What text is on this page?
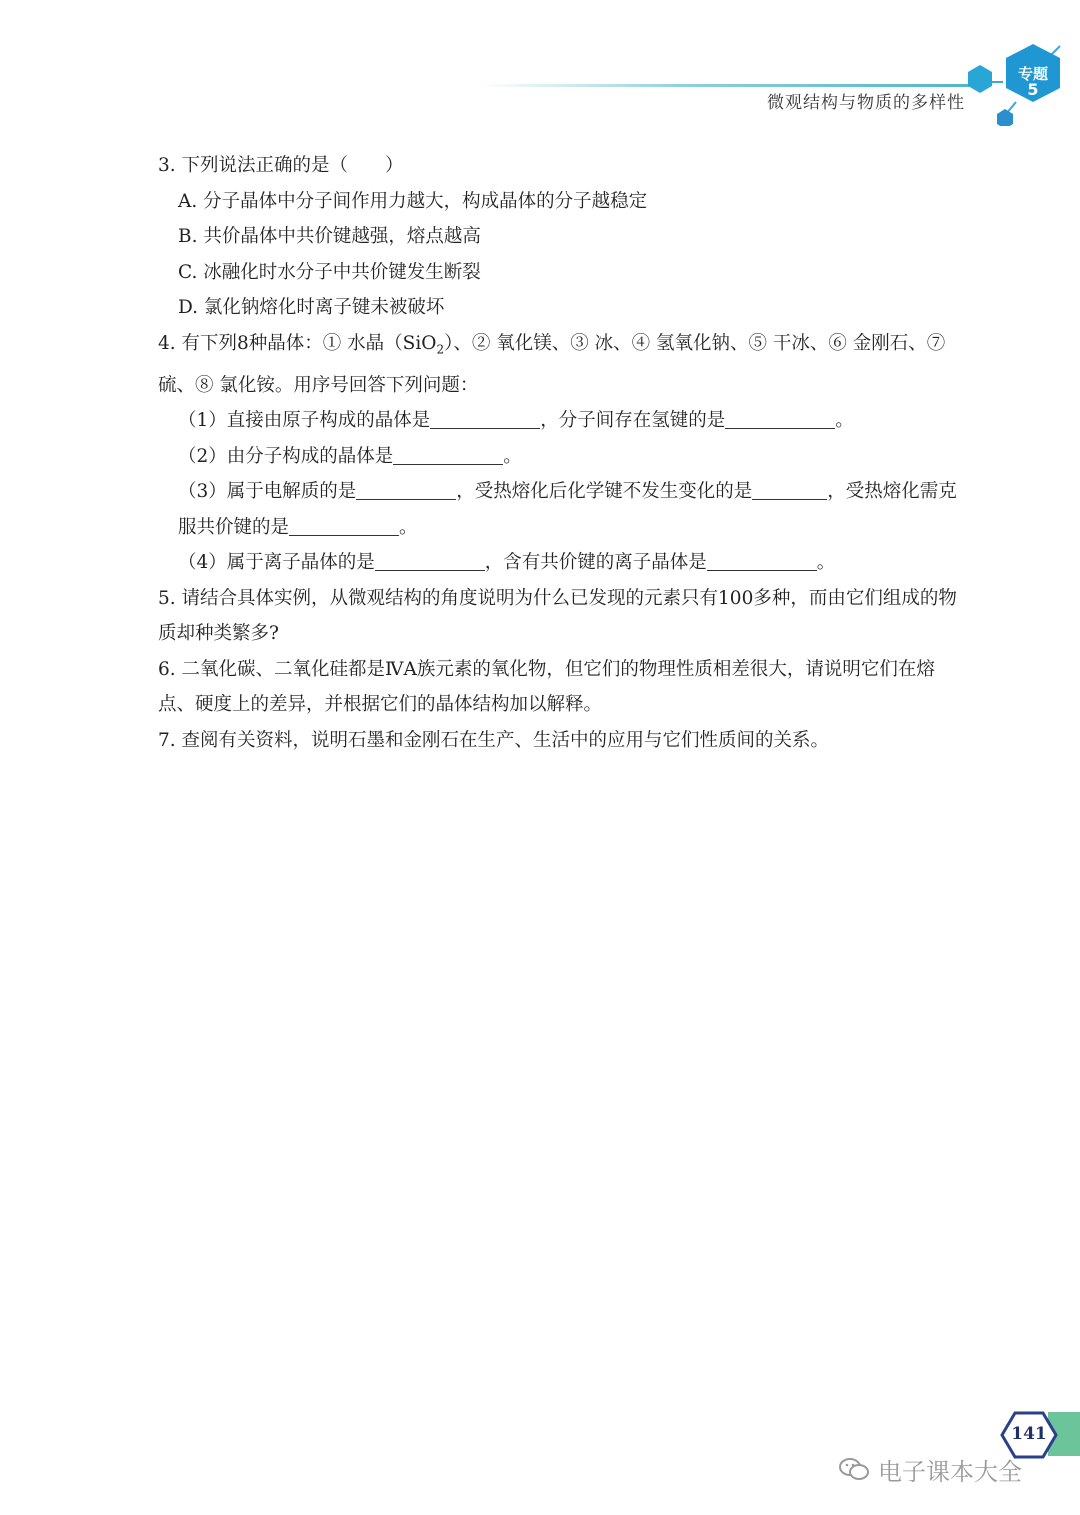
微观结构与物质的多样性
专题
5

3. 下列说法正确的是（　　）

A. 分子晶体中分子间作用力越大，构成晶体的分子越稳定

B. 共价晶体中共价键越强，熔点越高

C. 冰融化时水分子中共价键发生断裂

D. 氯化钠熔化时离子键未被破坏

4. 有下列8种晶体：① 水晶（SiO$_2$）、② 氧化镁、③ 冰、④ 氢氧化钠、⑤ 干冰、⑥ 金刚石、⑦ 硫、⑧ 氯化铵。用序号回答下列问题：

（1）直接由原子构成的晶体是	，分子间存在氢键的是	。

（2）由分子构成的晶体是	。

（3）属于电解质的是	，受热熔化后化学键不发生变化的是	，受热熔化需克服共价键的是	。

（4）属于离子晶体的是	，含有共价键的离子晶体是	。

5. 请结合具体实例，从微观结构的角度说明为什么已发现的元素只有100多种，而由它们组成的物质却种类繁多?

6. 二氧化碳、二氧化硅都是ⅣA族元素的氧化物，但它们的物理性质相差很大，请说明它们在熔点、硬度上的差异，并根据它们的晶体结构加以解释。

7. 查阅有关资料，说明石墨和金刚石在生产、生活中的应用与它们性质间的关系。

141
电子课本大全
